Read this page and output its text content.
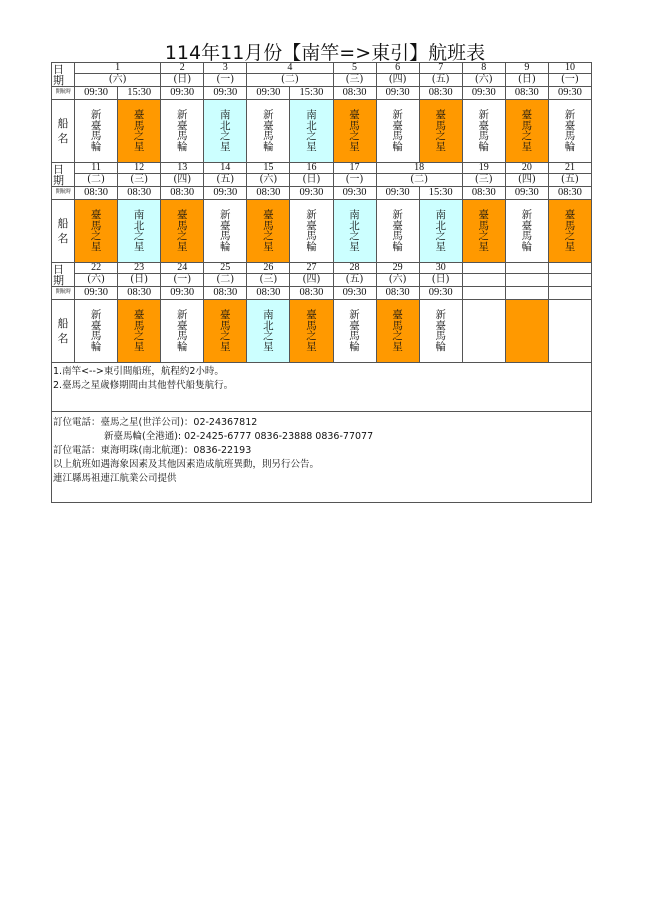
114年11月份【南竿=>東引】航班表
日期	1		2	3	4		5	6	7	8	9	10
	(六)		(日)	(一)	(二)		(三)	(四)	(五)	(六)	(日)	(一)
開航時	09:30	15:30	09:30	09:30	09:30	15:30	08:30	09:30	08:30	09:30	08:30	09:30

船
名	新
臺
馬
輪	臺
馬
之
星	新
臺
馬
輪	南
北
之
星	新
臺
馬
輪	南
北
之
星	臺
馬
之
星	新
臺
馬
輪	臺
馬
之
星	新
臺
馬
輪	臺
馬
之
星	新
臺
馬
輪

日期	11	12	13	14	15	16	17	18		19	20	21
	(二)	(三)	(四)	(五)	(六)	(日)	(一)	(二)		(三)	(四)	(五)
開航時	08:30	08:30	08:30	09:30	08:30	09:30	09:30	09:30	15:30	08:30	09:30	08:30

船
名	臺
馬
之
星	南
北
之
星	臺
馬
之
星	新
臺
馬
輪	臺
馬
之
星	新
臺
馬
輪	南
北
之
星	新
臺
馬
輪	南
北
之
星	臺
馬
之
星	新
臺
馬
輪	臺
馬
之
星

日期	22	23	24	25	26	27	28	29	30			
	(六)	(日)	(一)	(二)	(三)	(四)	(五)	(六)	(日)			
開航時	09:30	08:30	09:30	08:30	08:30	08:30	09:30	08:30	09:30			

船
名	新
臺
馬
輪	臺
馬
之
星	新
臺
馬
輪	臺
馬
之
星	南
北
之
星	臺
馬
之
星	新
臺
馬
輪	臺
馬
之
星	新
臺
馬
輪			

1.南竿<-->東引間船班，航程約2小時。
2.臺馬之星歲修期間由其他替代船隻航行。												

訂位電話：臺馬之星(世洋公司)：02-24367812
新臺馬輪(全港通): 02-2425-6777 0836-23888 0836-77077
訂位電話：東海明珠(南北航運)：0836-22193
以上航班如遇海象因素及其他因素造成航班異動，則另行公告。
連江縣馬祖連江航業公司提供												
